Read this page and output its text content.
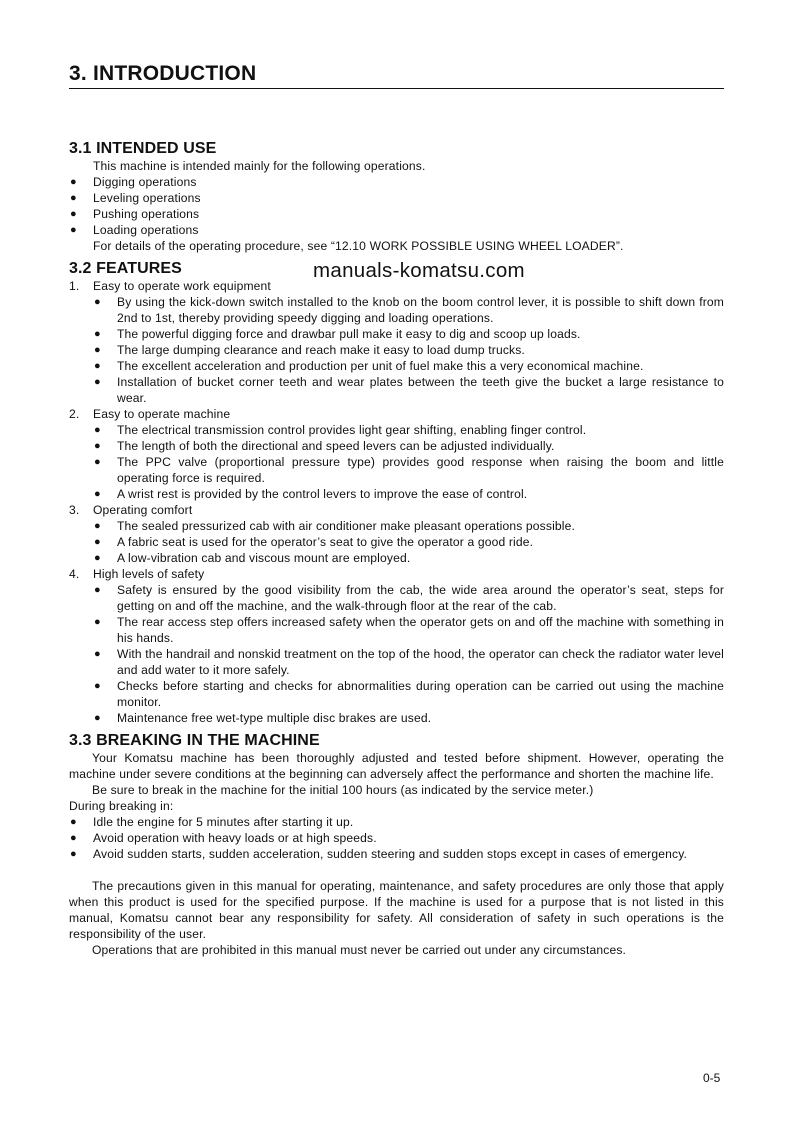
3. INTRODUCTION
3.1 INTENDED USE

This machine is intended mainly for the following operations.

● Digging operations

● Leveling operations

● Pushing operations

● Loading operations

For details of the operating procedure, see “12.10 WORK POSSIBLE USING WHEEL LOADER”.

3.2 FEATURES

1. Easy to operate work equipment

● By using the kick-down switch installed to the knob on the boom control lever, it is possible to shift down from 2nd to 1st, thereby providing speedy digging and loading operations.

● The powerful digging force and drawbar pull make it easy to dig and scoop up loads.

● The large dumping clearance and reach make it easy to load dump trucks.

● The excellent acceleration and production per unit of fuel make this a very economical machine.

● Installation of bucket corner teeth and wear plates between the teeth give the bucket a large resistance to wear.

2. Easy to operate machine

● The electrical transmission control provides light gear shifting, enabling finger control.

● The length of both the directional and speed levers can be adjusted individually.

● The PPC valve (proportional pressure type) provides good response when raising the boom and little operating force is required.

● A wrist rest is provided by the control levers to improve the ease of control.

3. Operating comfort

● The sealed pressurized cab with air conditioner make pleasant operations possible.

● A fabric seat is used for the operator’s seat to give the operator a good ride.

● A low-vibration cab and viscous mount are employed.

4. High levels of safety

● Safety is ensured by the good visibility from the cab, the wide area around the operator’s seat, steps for getting on and off the machine, and the walk-through floor at the rear of the cab.

● The rear access step offers increased safety when the operator gets on and off the machine with something in his hands.

● With the handrail and nonskid treatment on the top of the hood, the operator can check the radiator water level and add water to it more safely.

● Checks before starting and checks for abnormalities during operation can be carried out using the machine monitor.

● Maintenance free wet-type multiple disc brakes are used.

3.3 BREAKING IN THE MACHINE

Your Komatsu machine has been thoroughly adjusted and tested before shipment. However, operating the machine under severe conditions at the beginning can adversely affect the performance and shorten the machine life.

Be sure to break in the machine for the initial 100 hours (as indicated by the service meter.)

During breaking in:

● Idle the engine for 5 minutes after starting it up.

● Avoid operation with heavy loads or at high speeds.

● Avoid sudden starts, sudden acceleration, sudden steering and sudden stops except in cases of emergency.

The precautions given in this manual for operating, maintenance, and safety procedures are only those that apply when this product is used for the specified purpose. If the machine is used for a purpose that is not listed in this manual, Komatsu cannot bear any responsibility for safety. All consideration of safety in such operations is the responsibility of the user.

Operations that are prohibited in this manual must never be carried out under any circumstances.

manuals-komatsu.com
0-5
